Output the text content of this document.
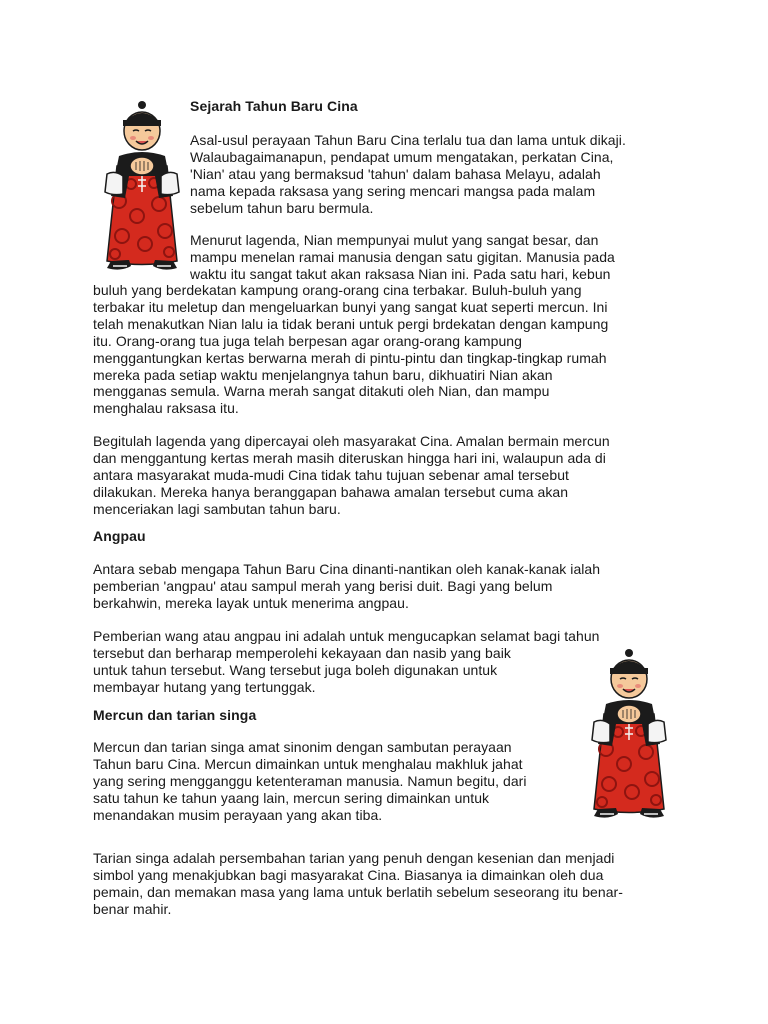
Sejarah Tahun Baru Cina

Asal-usul perayaan Tahun Baru Cina terlalu tua dan lama untuk dikaji.
Walaubagaimanapun, pendapat umum mengatakan, perkatan Cina,
'Nian' atau yang bermaksud 'tahun' dalam bahasa Melayu, adalah
nama kepada raksasa yang sering mencari mangsa pada malam
sebelum tahun baru bermula.

Menurut lagenda, Nian mempunyai mulut yang sangat besar, dan
mampu menelan ramai manusia dengan satu gigitan. Manusia pada
waktu itu sangat takut akan raksasa Nian ini. Pada satu hari, kebun

buluh yang berdekatan kampung orang-orang cina terbakar. Buluh-buluh yang
terbakar itu meletup dan mengeluarkan bunyi yang sangat kuat seperti mercun. Ini
telah menakutkan Nian lalu ia tidak berani untuk pergi brdekatan dengan kampung
itu. Orang-orang tua juga telah berpesan agar orang-orang kampung
menggantungkan kertas berwarna merah di pintu-pintu dan tingkap-tingkap rumah
mereka pada setiap waktu menjelangnya tahun baru, dikhuatiri Nian akan
mengganas semula. Warna merah sangat ditakuti oleh Nian, dan mampu
menghalau raksasa itu.

Begitulah lagenda yang dipercayai oleh masyarakat Cina. Amalan bermain mercun
dan menggantung kertas merah masih diteruskan hingga hari ini, walaupun ada di
antara masyarakat muda-mudi Cina tidak tahu tujuan sebenar amal tersebut
dilakukan. Mereka hanya beranggapan bahawa amalan tersebut cuma akan
menceriakan lagi sambutan tahun baru.

Angpau

Antara sebab mengapa Tahun Baru Cina dinanti-nantikan oleh kanak-kanak ialah
pemberian 'angpau' atau sampul merah yang berisi duit. Bagi yang belum
berkahwin, mereka layak untuk menerima angpau.

Pemberian wang atau angpau ini adalah untuk mengucapkan selamat bagi tahun
tersebut dan berharap memperolehi kekayaan dan nasib yang baik
untuk tahun tersebut. Wang tersebut juga boleh digunakan untuk
membayar hutang yang tertunggak.

Mercun dan tarian singa

Mercun dan tarian singa amat sinonim dengan sambutan perayaan
Tahun baru Cina. Mercun dimainkan untuk menghalau makhluk jahat
yang sering mengganggu ketenteraman manusia. Namun begitu, dari
satu tahun ke tahun yaang lain, mercun sering dimainkan untuk
menandakan musim perayaan yang akan tiba.

Tarian singa adalah persembahan tarian yang penuh dengan kesenian dan menjadi
simbol yang menakjubkan bagi masyarakat Cina. Biasanya ia dimainkan oleh dua
pemain, dan memakan masa yang lama untuk berlatih sebelum seseorang itu benar-
benar mahir.
